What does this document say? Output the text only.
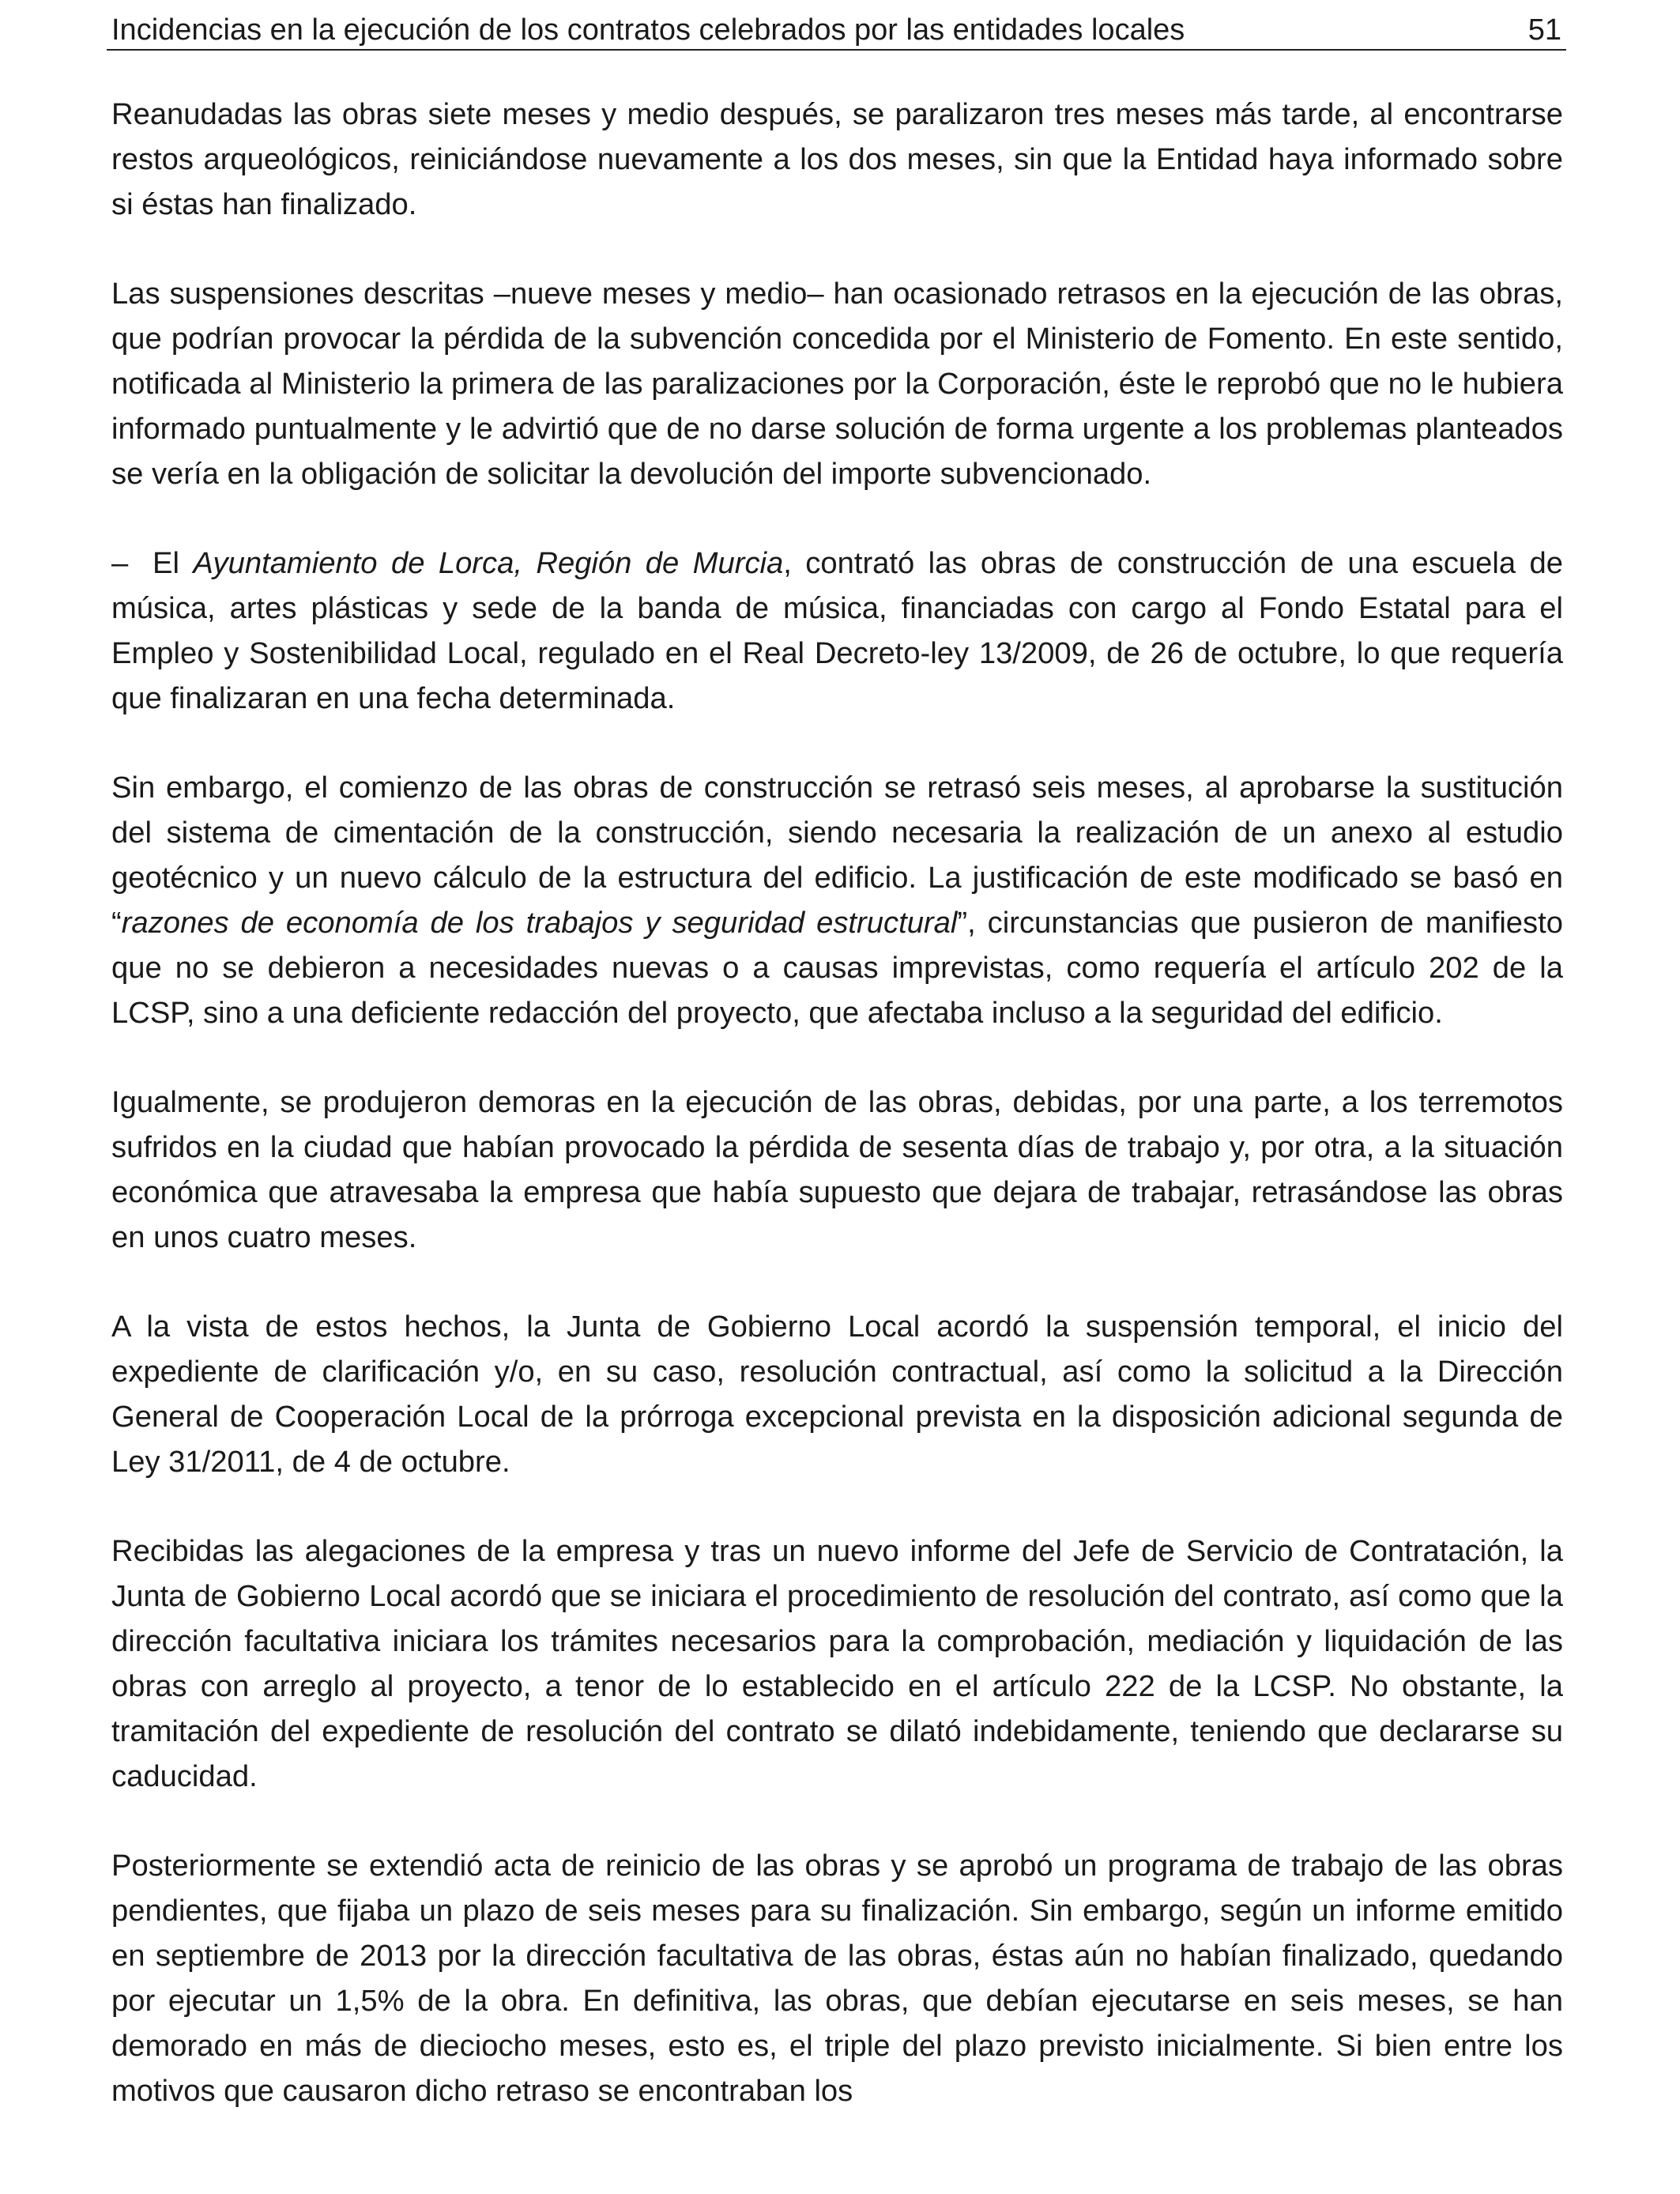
Incidencias en la ejecución de los contratos celebrados por las entidades locales	51

Reanudadas las obras siete meses y medio después, se paralizaron tres meses más tarde, al encontrarse restos arqueológicos, reiniciándose nuevamente a los dos meses, sin que la Entidad haya informado sobre si éstas han finalizado.

Las suspensiones descritas –nueve meses y medio– han ocasionado retrasos en la ejecución de las obras, que podrían provocar la pérdida de la subvención concedida por el Ministerio de Fomento. En este sentido, notificada al Ministerio la primera de las paralizaciones por la Corporación, éste le reprobó que no le hubiera informado puntualmente y le advirtió que de no darse solución de forma urgente a los problemas planteados se vería en la obligación de solicitar la devolución del importe subvencionado.

– El Ayuntamiento de Lorca, Región de Murcia, contrató las obras de construcción de una escuela de música, artes plásticas y sede de la banda de música, financiadas con cargo al Fondo Estatal para el Empleo y Sostenibilidad Local, regulado en el Real Decreto-ley 13/2009, de 26 de octubre, lo que requería que finalizaran en una fecha determinada.

Sin embargo, el comienzo de las obras de construcción se retrasó seis meses, al aprobarse la sustitución del sistema de cimentación de la construcción, siendo necesaria la realización de un anexo al estudio geotécnico y un nuevo cálculo de la estructura del edificio. La justificación de este modificado se basó en “razones de economía de los trabajos y seguridad estructural”, circunstancias que pusieron de manifiesto que no se debieron a necesidades nuevas o a causas imprevistas, como requería el artículo 202 de la LCSP, sino a una deficiente redacción del proyecto, que afectaba incluso a la seguridad del edificio.

Igualmente, se produjeron demoras en la ejecución de las obras, debidas, por una parte, a los terremotos sufridos en la ciudad que habían provocado la pérdida de sesenta días de trabajo y, por otra, a la situación económica que atravesaba la empresa que había supuesto que dejara de trabajar, retrasándose las obras en unos cuatro meses.

A la vista de estos hechos, la Junta de Gobierno Local acordó la suspensión temporal, el inicio del expediente de clarificación y/o, en su caso, resolución contractual, así como la solicitud a la Dirección General de Cooperación Local de la prórroga excepcional prevista en la disposición adicional segunda de Ley 31/2011, de 4 de octubre.

Recibidas las alegaciones de la empresa y tras un nuevo informe del Jefe de Servicio de Contratación, la Junta de Gobierno Local acordó que se iniciara el procedimiento de resolución del contrato, así como que la dirección facultativa iniciara los trámites necesarios para la comprobación, mediación y liquidación de las obras con arreglo al proyecto, a tenor de lo establecido en el artículo 222 de la LCSP. No obstante, la tramitación del expediente de resolución del contrato se dilató indebidamente, teniendo que declararse su caducidad.

Posteriormente se extendió acta de reinicio de las obras y se aprobó un programa de trabajo de las obras pendientes, que fijaba un plazo de seis meses para su finalización. Sin embargo, según un informe emitido en septiembre de 2013 por la dirección facultativa de las obras, éstas aún no habían finalizado, quedando por ejecutar un 1,5% de la obra. En definitiva, las obras, que debían ejecutarse en seis meses, se han demorado en más de dieciocho meses, esto es, el triple del plazo previsto inicialmente. Si bien entre los motivos que causaron dicho retraso se encontraban los
